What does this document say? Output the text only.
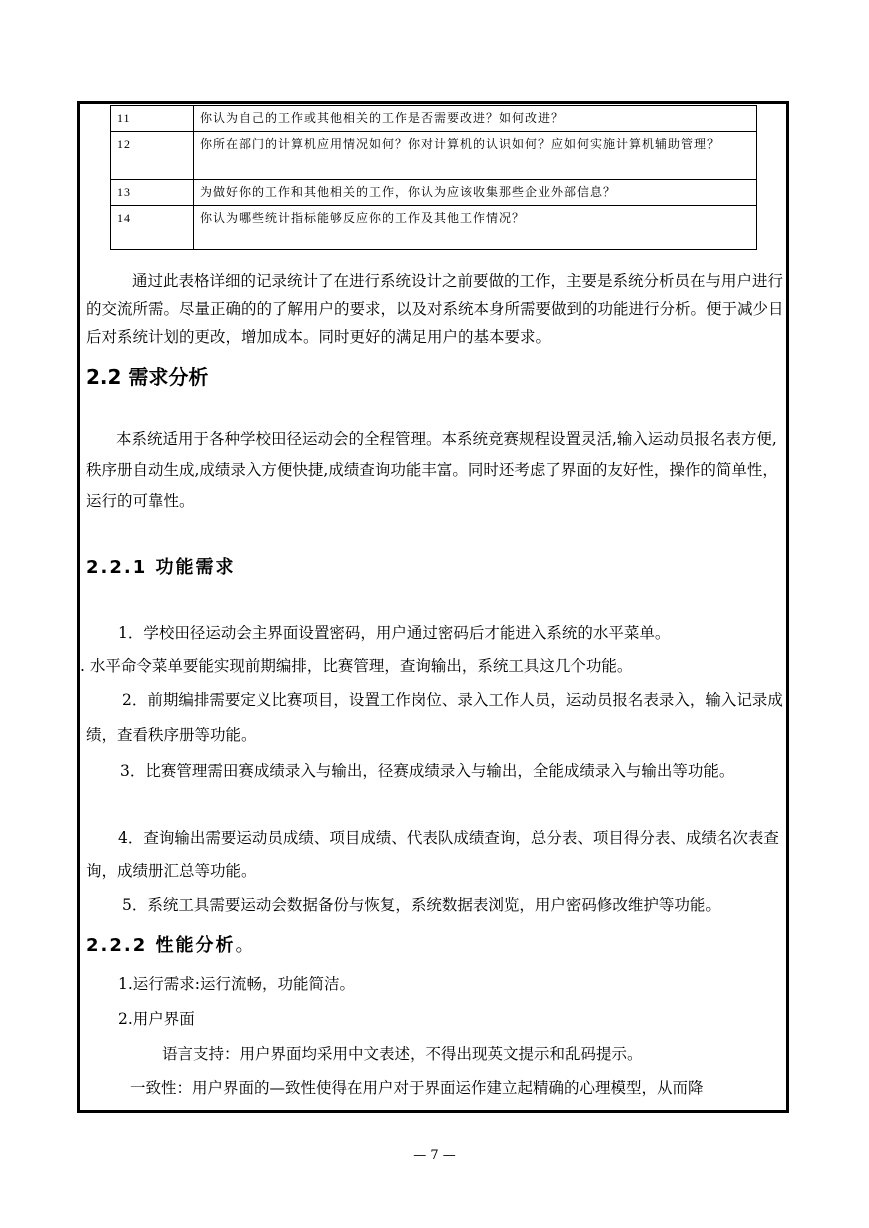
11	你认为自己的工作或其他相关的工作是否需要改进？如何改进？
12	你所在部门的计算机应用情况如何？你对计算机的认识如何？应如何实施计算机辅助管理？
13	为做好你的工作和其他相关的工作，你认为应该收集那些企业外部信息？
14	你认为哪些统计指标能够反应你的工作及其他工作情况？
通过此表格详细的记录统计了在进行系统设计之前要做的工作，主要是系统分析员在与用户进行的交流所需。尽量正确的的了解用户的要求，以及对系统本身所需要做到的功能进行分析。便于减少日后对系统计划的更改，增加成本。同时更好的满足用户的基本要求。
2.2 需求分析
本系统适用于各种学校田径运动会的全程管理。本系统竞赛规程设置灵活,输入运动员报名表方便,秩序册自动生成,成绩录入方便快捷,成绩查询功能丰富。同时还考虑了界面的友好性，操作的简单性，运行的可靠性。
2.2.1 功能需求
1．学校田径运动会主界面设置密码，用户通过密码后才能进入系统的水平菜单。
. 水平命令菜单要能实现前期编排，比赛管理，查询输出，系统工具这几个功能。
2．前期编排需要定义比赛项目，设置工作岗位、录入工作人员，运动员报名表录入，输入记录成绩，查看秩序册等功能。
3．比赛管理需田赛成绩录入与输出，径赛成绩录入与输出，全能成绩录入与输出等功能。
4．查询输出需要运动员成绩、项目成绩、代表队成绩查询，总分表、项目得分表、成绩名次表查询，成绩册汇总等功能。
5．系统工具需要运动会数据备份与恢复，系统数据表浏览，用户密码修改维护等功能。
2.2.2 性能分析。
1.运行需求:运行流畅，功能简洁。
2.用户界面
语言支持：用户界面均采用中文表述，不得出现英文提示和乱码提示。
一致性：用户界面的—致性使得在用户对于界面运作建立起精确的心理模型，从而降
— 7 —
